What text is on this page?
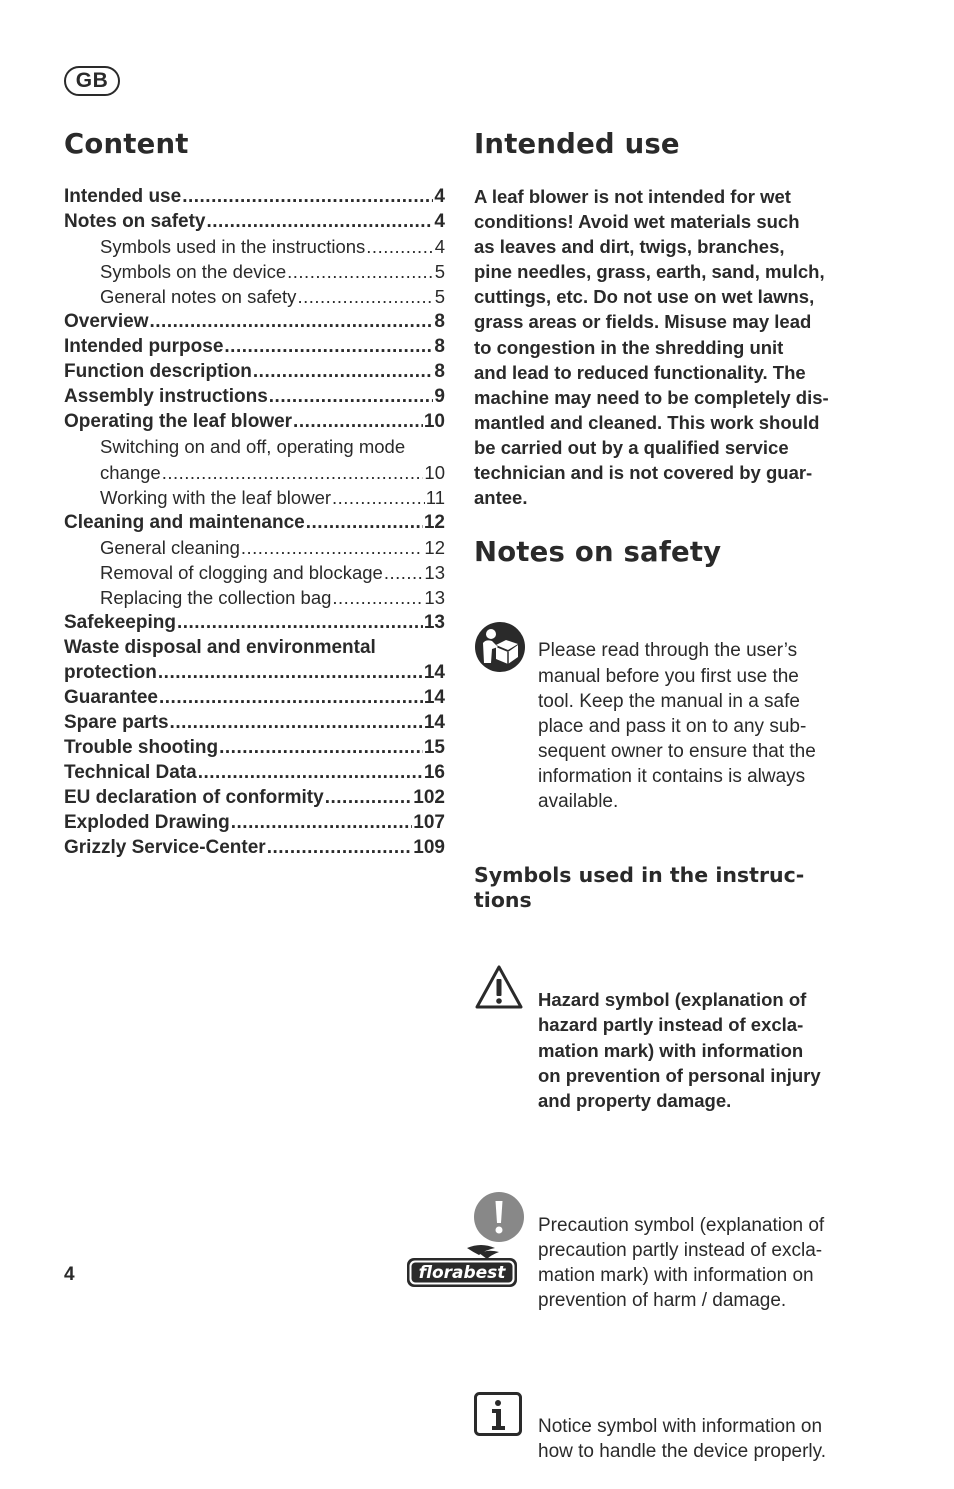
GB
Content
Intended use .....	4
Notes on safety .....	4
Symbols used in the instructions .....	4
Symbols on the device .....	5
General notes on safety .....	5
Overview .....	8
Intended purpose .....	8
Function description .....	8
Assembly instructions .....	9
Operating the leaf blower .....	10
Switching on and off, operating mode
change .....	10
Working with the leaf blower .....	11
Cleaning and maintenance .....	12
General cleaning .....	12
Removal of clogging and blockage ..... 13
Replacing the collection bag .....	13
Safekeeping .....	13
Waste disposal and environmental
protection .....	14
Guarantee .....	14
Spare parts .....	14
Trouble shooting .....	15
Technical Data .....	16
EU declaration of conformity .....	102
Exploded Drawing .....	107
Grizzly Service-Center .....	109
Intended use
A leaf blower is not intended for wet
conditions! Avoid wet materials such
as leaves and dirt, twigs, branches,
pine needles, grass, earth, sand, mulch,
cuttings, etc. Do not use on wet lawns,
grass areas or fields. Misuse may lead
to congestion in the shredding unit
and lead to reduced functionality. The
machine may need to be completely dis-
mantled and cleaned. This work should
be carried out by a qualified service
technician and is not covered by guar-
antee.
Notes on safety

Please read through the user’s
manual before you first use the
tool. Keep the manual in a safe
place and pass it on to any sub-
sequent owner to ensure that the
information it contains is always
available.

Symbols used in the instruc-
tions

Hazard symbol (explanation of
hazard partly instead of excla-
mation mark) with information
on prevention of personal injury
and property damage.

Precaution symbol (explanation of
precaution partly instead of excla-
mation mark) with information on
prevention of harm / damage.

Notice symbol with information on
how to handle the device properly.

4	florabest
